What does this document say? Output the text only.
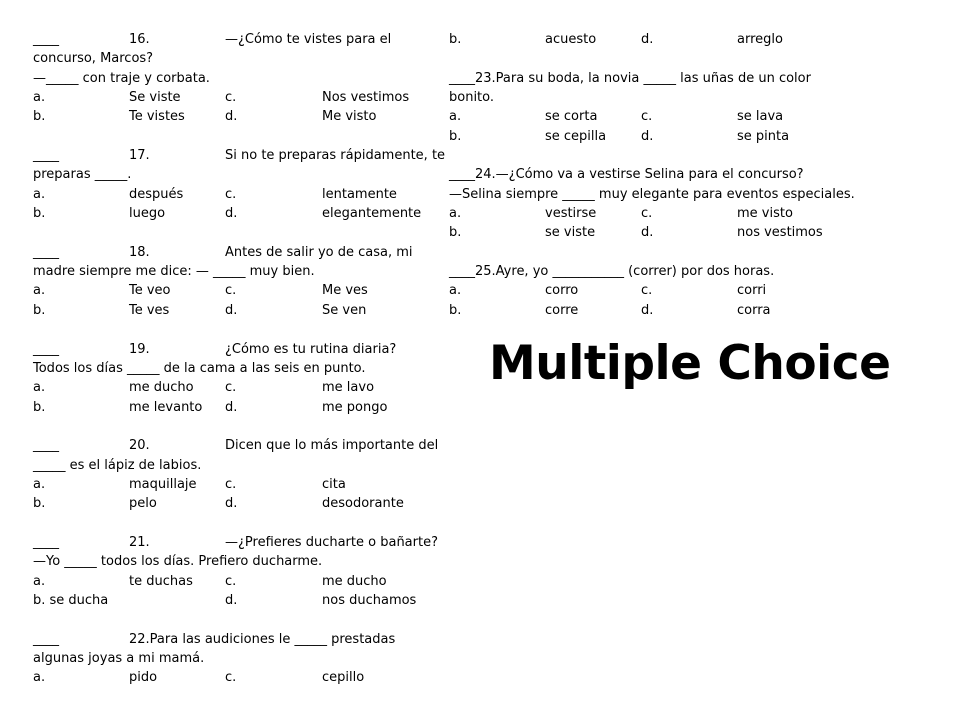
____	16.	—¿Cómo te vistes para el
concurso, Marcos?
—_____ con traje y corbata.
a.	Se viste	c.	Nos vestimos
b.	Te vistes	d.	Me visto
____	17.	Si no te preparas rápidamente, te
preparas _____.
a.	después	c.	lentamente
b.	luego	d.	elegantemente
____	18.	Antes de salir yo de casa, mi
madre siempre me dice: — _____ muy bien.
a.	Te veo	c.	Me ves
b.	Te ves	d.	Se ven
____	19.	¿Cómo es tu rutina diaria?
Todos los días _____ de la cama a las seis en punto.
a.	me ducho c.	me lavo
b.	me levanto d.	me pongo
____	20.	Dicen que lo más importante del
_____ es el lápiz de labios.
a.	maquillaje c.	cita
b.	pelo	d.	desodorante
____	21.	—¿Prefieres ducharte o bañarte?
—Yo _____ todos los días. Prefiero ducharme.
a.	te duchas c.	me ducho
b. se ducha	d.	nos duchamos
____	22.Para las audiciones le _____ prestadas
algunas joyas a mi mamá.
a.	pido	c.	cepillo
b.	acuesto	d.	arreglo
____23.Para su boda, la novia _____ las uñas de un color
bonito.
a.	se corta	c.	se lava
b.	se cepilla	d.	se pinta
____24.—¿Cómo va a vestirse Selina para el concurso?
—Selina siempre _____ muy elegante para eventos especiales.
a.	vestirse	c.	me visto
b.	se viste	d.	nos vestimos
____25.Ayre, yo ___________ (correr) por dos horas.
a.	corro	c.	corri
b.	corre	d.	corra
Multiple Choice
